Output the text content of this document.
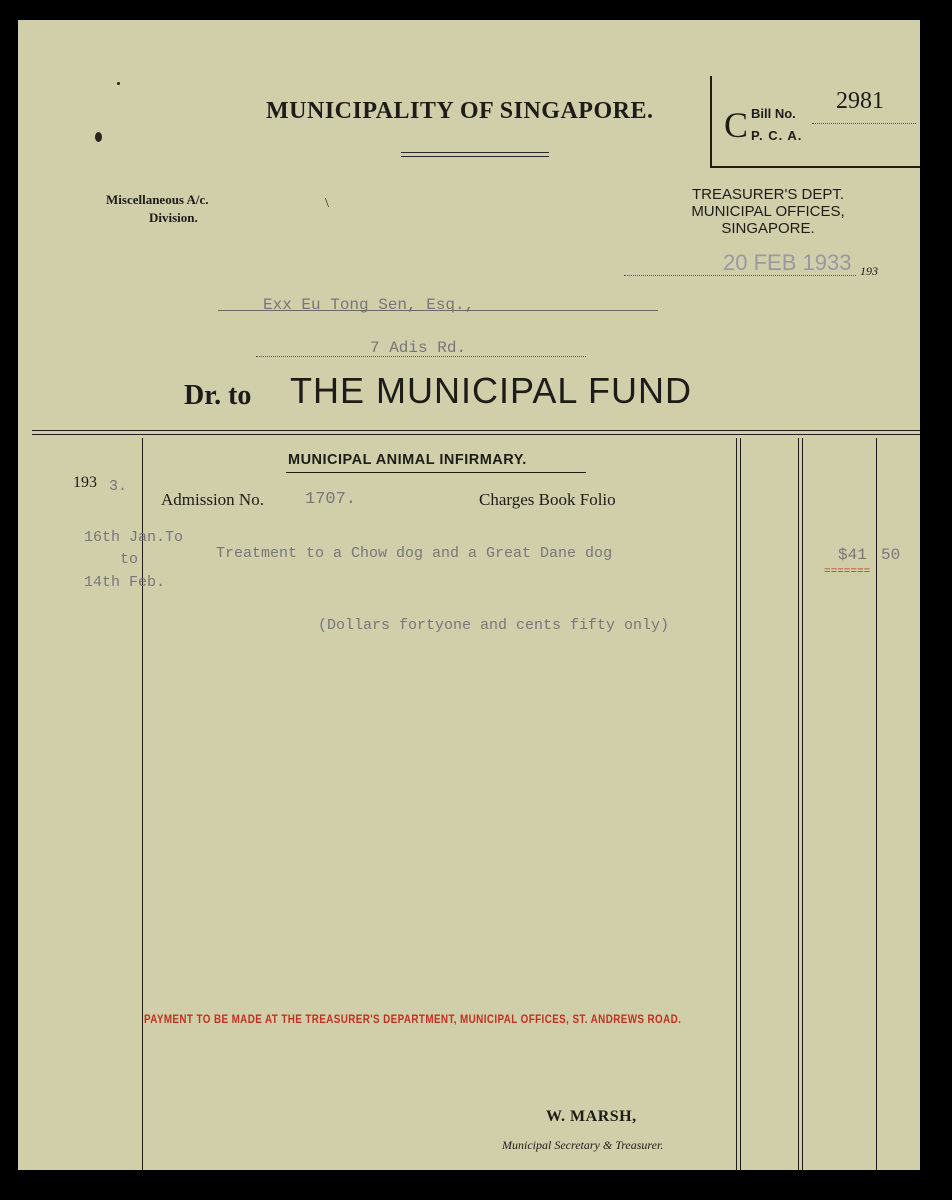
MUNICIPALITY OF SINGAPORE. C Bill No.
P. C. A.
2981
Miscellaneous A/c.
Division.
\
TREASURER'S DEPT.
MUNICIPAL OFFICES,
SINGAPORE.
20 FEB 1933 193
Exx Eu Tong Sen, Esq.,
7 Adis Rd.
Dr. to THE MUNICIPAL FUND
MUNICIPAL ANIMAL INFIRMARY.
193 3.
Admission No. 1707.	Charges Book Folio
16th Jan.To
to
14th Feb.
Treatment to a Chow dog and a Great Dane dog	$41 50
=======
(Dollars fortyone and cents fifty only)
PAYMENT TO BE MADE AT THE TREASURER'S DEPARTMENT, MUNICIPAL OFFICES, ST. ANDREWS ROAD.
W. MARSH,
Municipal Secretary & Treasurer.
